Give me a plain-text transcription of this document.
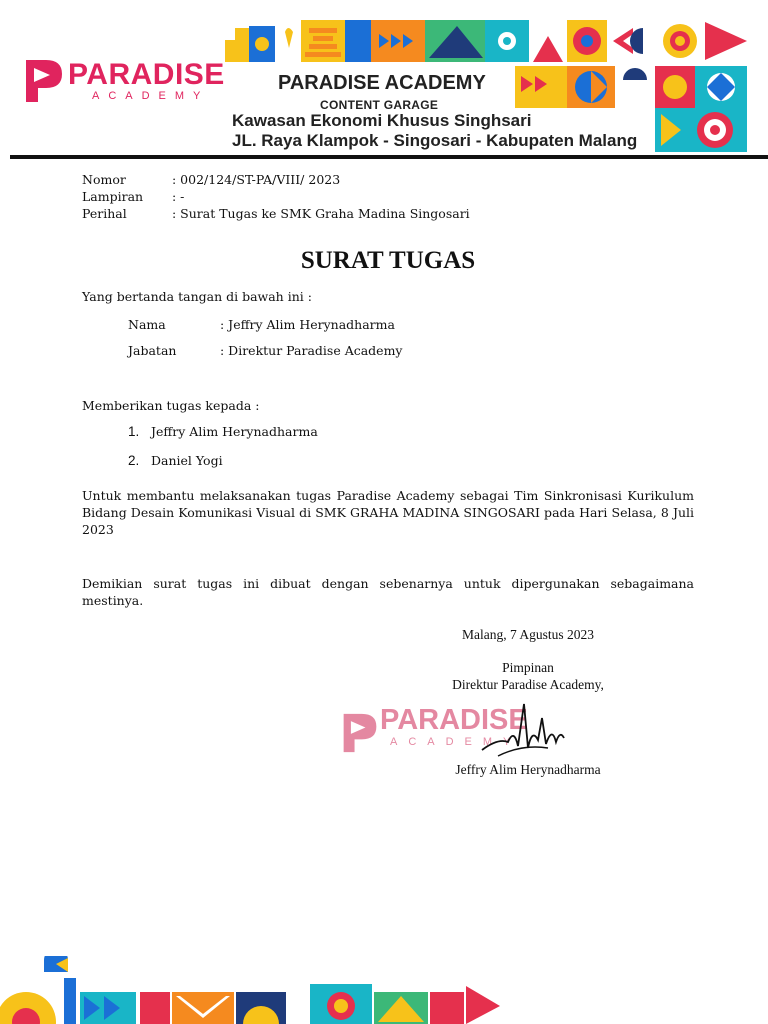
PARADISE
ACADEMY
PARADISE ACADEMY
CONTENT GARAGE
Kawasan Ekonomi Khusus Singhsari
JL. Raya Klampok - Singosari - Kabupaten Malang
Nomor	: 002/124/ST-PA/VIII/ 2023
Lampiran : -
Perihal	: Surat Tugas ke SMK Graha Madina Singosari
SURAT TUGAS
Yang bertanda tangan di bawah ini :
Nama	: Jeffry Alim Herynadharma
Jabatan	: Direktur Paradise Academy
Memberikan tugas kepada :
1. Jeffry Alim Herynadharma
2. Daniel Yogi
Untuk membantu melaksanakan tugas Paradise Academy sebagai Tim Sinkronisasi Kurikulum Bidang Desain Komunikasi Visual di SMK GRAHA MADINA SINGOSARI pada Hari Selasa, 8 Juli 2023
Demikian surat tugas ini dibuat dengan sebenarnya untuk dipergunakan sebagaimana mestinya.
Malang, 7 Agustus 2023
Pimpinan
Direktur Paradise Academy,
PARADISE
ACADEMY
Jeffry Alim Herynadharma
